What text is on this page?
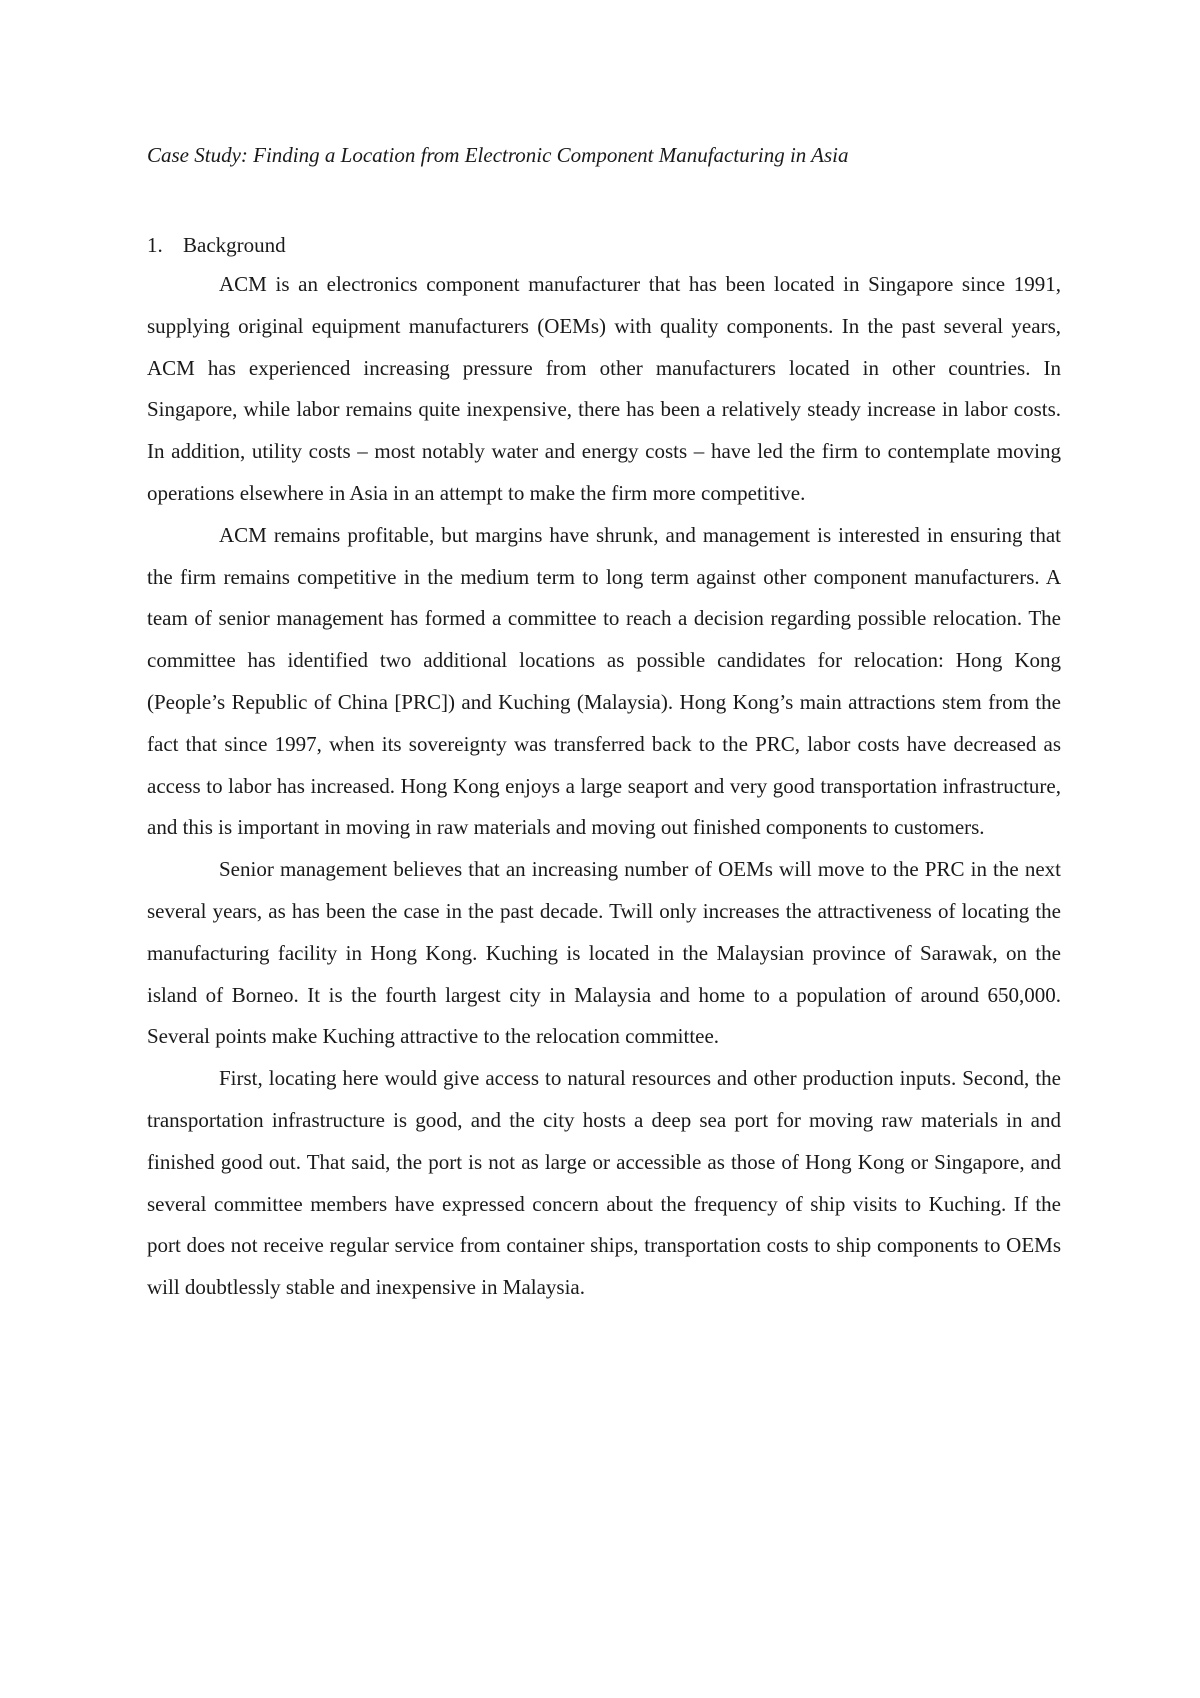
Case Study: Finding a Location from Electronic Component Manufacturing in Asia

1. Background

ACM is an electronics component manufacturer that has been located in Singapore since 1991, supplying original equipment manufacturers (OEMs) with quality components. In the past several years, ACM has experienced increasing pressure from other manufacturers located in other countries. In Singapore, while labor remains quite inexpensive, there has been a relatively steady increase in labor costs. In addition, utility costs – most notably water and energy costs – have led the firm to contemplate moving operations elsewhere in Asia in an attempt to make the firm more competitive.

ACM remains profitable, but margins have shrunk, and management is interested in ensuring that the firm remains competitive in the medium term to long term against other component manufacturers. A team of senior management has formed a committee to reach a decision regarding possible relocation. The committee has identified two additional locations as possible candidates for relocation: Hong Kong (People’s Republic of China [PRC]) and Kuching (Malaysia). Hong Kong’s main attractions stem from the fact that since 1997, when its sovereignty was transferred back to the PRC, labor costs have decreased as access to labor has increased. Hong Kong enjoys a large seaport and very good transportation infrastructure, and this is important in moving in raw materials and moving out finished components to customers.

Senior management believes that an increasing number of OEMs will move to the PRC in the next several years, as has been the case in the past decade. Twill only increases the attractiveness of locating the manufacturing facility in Hong Kong. Kuching is located in the Malaysian province of Sarawak, on the island of Borneo. It is the fourth largest city in Malaysia and home to a population of around 650,000. Several points make Kuching attractive to the relocation committee.

First, locating here would give access to natural resources and other production inputs. Second, the transportation infrastructure is good, and the city hosts a deep sea port for moving raw materials in and finished good out. That said, the port is not as large or accessible as those of Hong Kong or Singapore, and several committee members have expressed concern about the frequency of ship visits to Kuching. If the port does not receive regular service from container ships, transportation costs to ship components to OEMs will doubtlessly stable and inexpensive in Malaysia.
